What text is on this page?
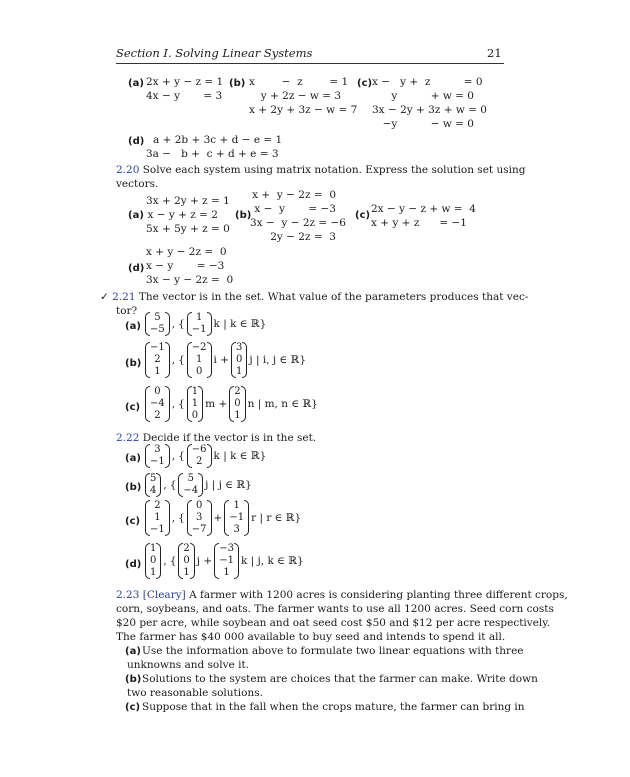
Section I. Solving Linear Systems	21
(a) 2x + y − z = 1
4x − y       = 3
(b) x        −  z        = 1
y + 2z − w = 3
x + 2y + 3z − w = 7
(c) x −   y +  z          = 0
y          + w = 0
3x − 2y + 3z + w = 0
−y          − w = 0
(d) a + 2b + 3c + d − e = 1
3a −   b +  c + d + e = 3
2.20 Solve each system using matrix notation. Express the solution set using
vectors.
(a)
3x + 2y + z = 1
x − y + z = 2
5x + 5y + z = 0
(b)
x +  y − 2z =  0
x −  y       = −3
3x −  y − 2z = −6
2y − 2z =  3
(c)
2x − y − z + w =  4
x + y + z      = −1
(d)
x + y − 2z =  0
x − y       = −3
3x − y − 2z =  0
✓ 2.21 The vector is in the set. What value of the parameters produces that vec-
tor?
(a)
5
−5 , {
1
−1 k | k ∈ ℝ}
(b)
−1
2
1
, {
−2
1
0
i +
3
0
1
j | i, j ∈ ℝ}
(c)
0
−4
2
, {
1
1
0
m +
2
0
1
n | m, n ∈ ℝ}
2.22 Decide if the vector is in the set.
(a)
3
−1 , {
−6
2	k | k ∈ ℝ}
(b)
5
4 , {
5
−4 j | j ∈ ℝ}
(c)
2
1
−1
, {
0
3
−7
+
1
−1
3
r | r ∈ ℝ}
(d)
1
0
1
, {
2
0
1
j +
−3
−1
1
k | j, k ∈ ℝ}
2.23 [Cleary] A farmer with 1200 acres is considering planting three different crops,
corn, soybeans, and oats. The farmer wants to use all 1200 acres. Seed corn costs
$20 per acre, while soybean and oat seed cost $50 and $12 per acre respectively.
The farmer has $40 000 available to buy seed and intends to spend it all.
(a) Use the information above to formulate two linear equations with three
unknowns and solve it.
(b) Solutions to the system are choices that the farmer can make. Write down
two reasonable solutions.
(c) Suppose that in the fall when the crops mature, the farmer can bring in
